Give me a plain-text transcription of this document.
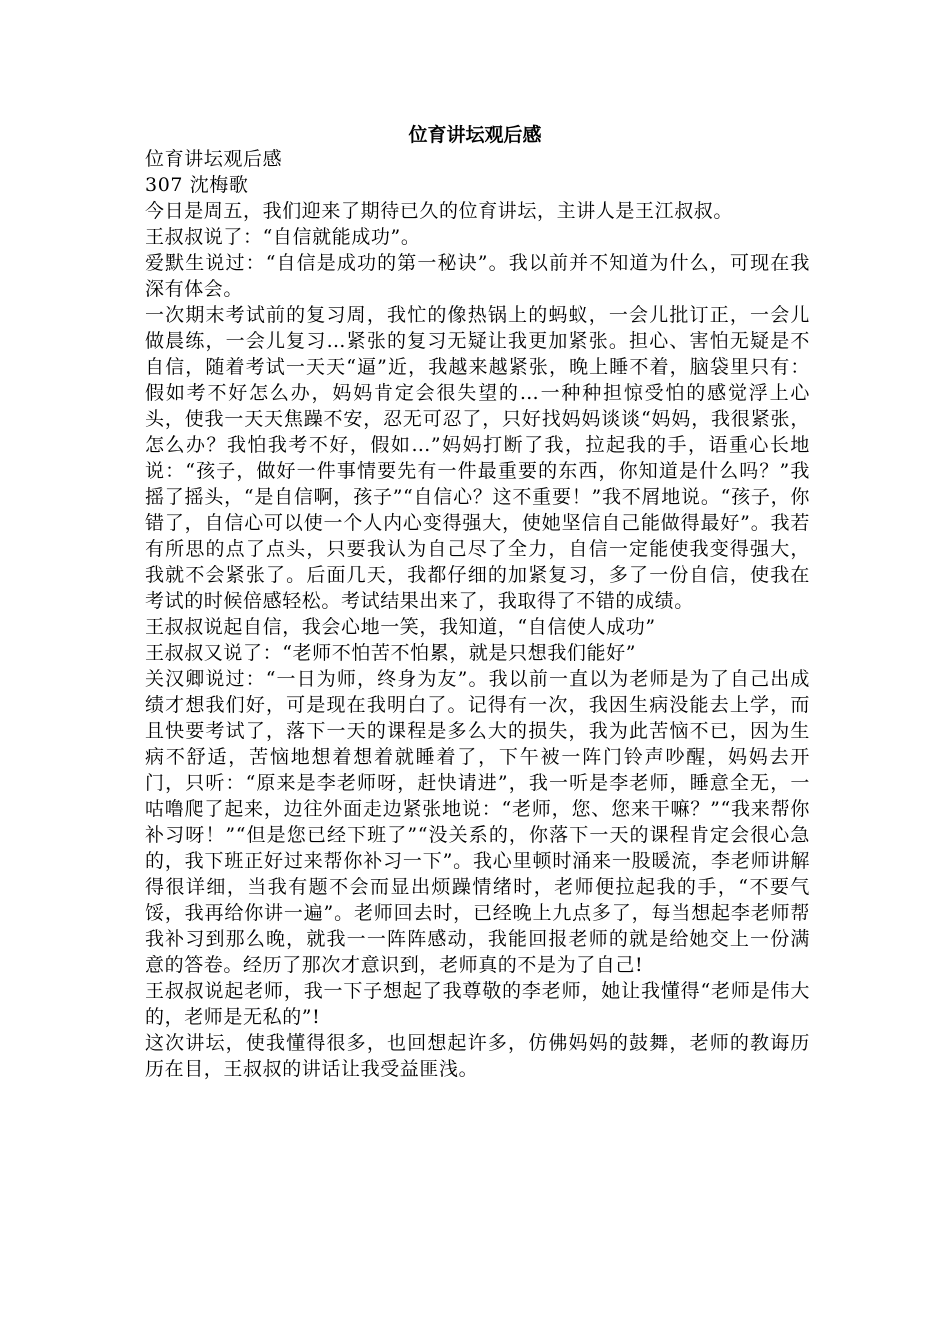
位育讲坛观后感

位育讲坛观后感

307 沈梅歌

今日是周五，我们迎来了期待已久的位育讲坛，主讲人是王江叔叔。

王叔叔说了：“自信就能成功”。

爱默生说过：“自信是成功的第一秘诀”。我以前并不知道为什么，可现在我深有体会。

一次期末考试前的复习周，我忙的像热锅上的蚂蚁，一会儿批订正，一会儿做晨练，一会儿复习…紧张的复习无疑让我更加紧张。担心、害怕无疑是不自信，随着考试一天天“逼”近，我越来越紧张，晚上睡不着，脑袋里只有：假如考不好怎么办，妈妈肯定会很失望的…一种种担惊受怕的感觉浮上心头，使我一天天焦躁不安，忍无可忍了，只好找妈妈谈谈“妈妈，我很紧张，怎么办？我怕我考不好，假如…”妈妈打断了我，拉起我的手，语重心长地说：“孩子，做好一件事情要先有一件最重要的东西，你知道是什么吗？”我摇了摇头，“是自信啊，孩子”“自信心？这不重要！”我不屑地说。“孩子，你错了，自信心可以使一个人内心变得强大，使她坚信自己能做得最好”。我若有所思的点了点头，只要我认为自己尽了全力，自信一定能使我变得强大，我就不会紧张了。后面几天，我都仔细的加紧复习，多了一份自信，使我在考试的时候倍感轻松。考试结果出来了，我取得了不错的成绩。

王叔叔说起自信，我会心地一笑，我知道，“自信使人成功”

王叔叔又说了：“老师不怕苦不怕累，就是只想我们能好”

关汉卿说过：“一日为师，终身为友”。我以前一直以为老师是为了自己出成绩才想我们好，可是现在我明白了。记得有一次，我因生病没能去上学，而且快要考试了，落下一天的课程是多么大的损失，我为此苦恼不已，因为生病不舒适，苦恼地想着想着就睡着了，下午被一阵门铃声吵醒，妈妈去开门，只听：“原来是李老师呀，赶快请进”，我一听是李老师，睡意全无，一咕噜爬了起来，边往外面走边紧张地说：“老师，您、您来干嘛？”“我来帮你补习呀！”“但是您已经下班了”“没关系的，你落下一天的课程肯定会很心急的，我下班正好过来帮你补习一下”。我心里顿时涌来一股暖流，李老师讲解得很详细，当我有题不会而显出烦躁情绪时，老师便拉起我的手，“不要气馁，我再给你讲一遍”。老师回去时，已经晚上九点多了，每当想起李老师帮我补习到那么晚，就我一一阵阵感动，我能回报老师的就是给她交上一份满意的答卷。经历了那次才意识到，老师真的不是为了自己!

王叔叔说起老师，我一下子想起了我尊敬的李老师，她让我懂得“老师是伟大的，老师是无私的”!

这次讲坛，使我懂得很多，也回想起许多，仿佛妈妈的鼓舞，老师的教诲历历在目，王叔叔的讲话让我受益匪浅。
